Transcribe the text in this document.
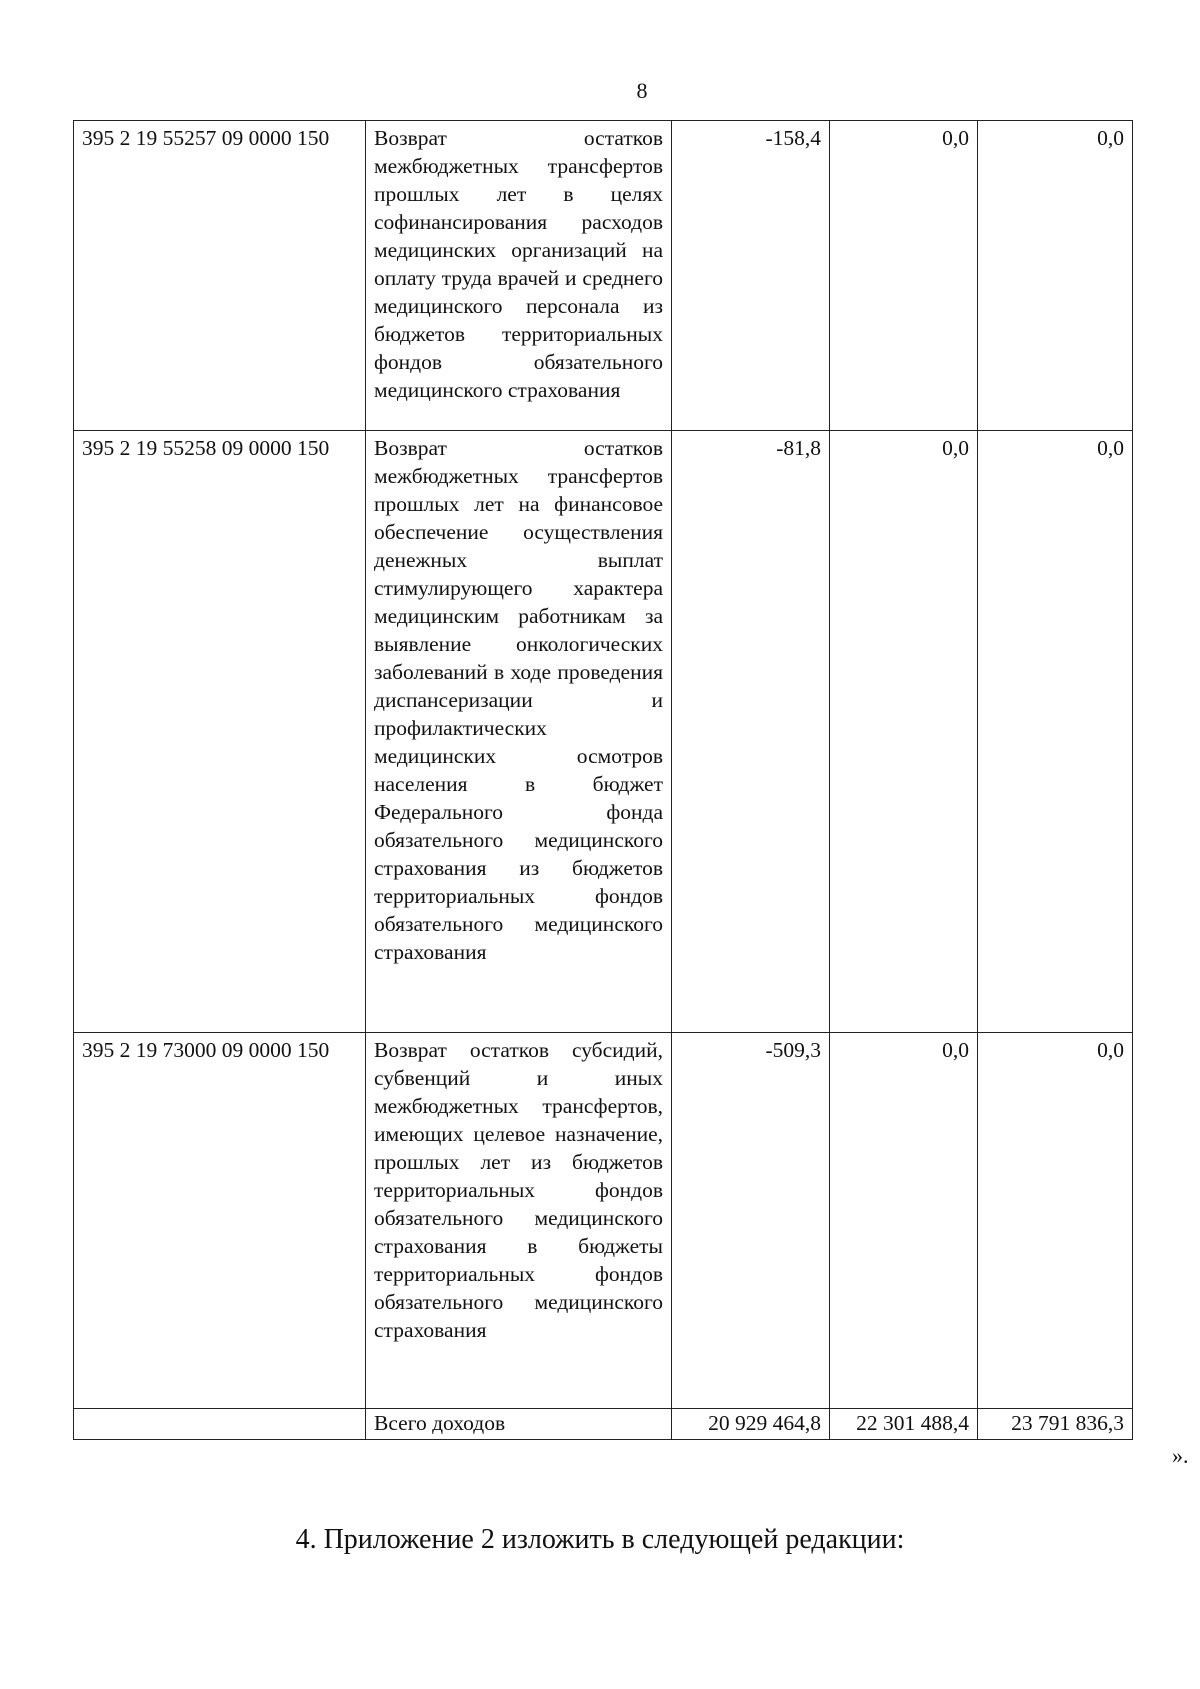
8
395 2 19 55257 09 0000 150	Возврат остатков межбюджетных трансфертов прошлых лет в целях софинансирования расходов медицинских организаций на оплату труда врачей и среднего медицинского персонала из бюджетов территориальных фондов обязательного медицинского страхования	-158,4	0,0	0,0
395 2 19 55258 09 0000 150	Возврат остатков межбюджетных трансфертов прошлых лет на финансовое обеспечение осуществления денежных выплат стимулирующего характера медицинским работникам за выявление онкологических заболеваний в ходе проведения диспансеризации и профилактических медицинских осмотров населения в бюджет Федерального фонда обязательного медицинского страхования из бюджетов территориальных фондов обязательного медицинского страхования	-81,8	0,0	0,0
395 2 19 73000 09 0000 150	Возврат остатков субсидий, субвенций и иных межбюджетных трансфертов, имеющих целевое назначение, прошлых лет из бюджетов территориальных фондов обязательного медицинского страхования в бюджеты территориальных фондов обязательного медицинского страхования	-509,3	0,0	0,0
	Всего доходов	20 929 464,8	22 301 488,4	23 791 836,3
».
4. Приложение 2 изложить в следующей редакции:
